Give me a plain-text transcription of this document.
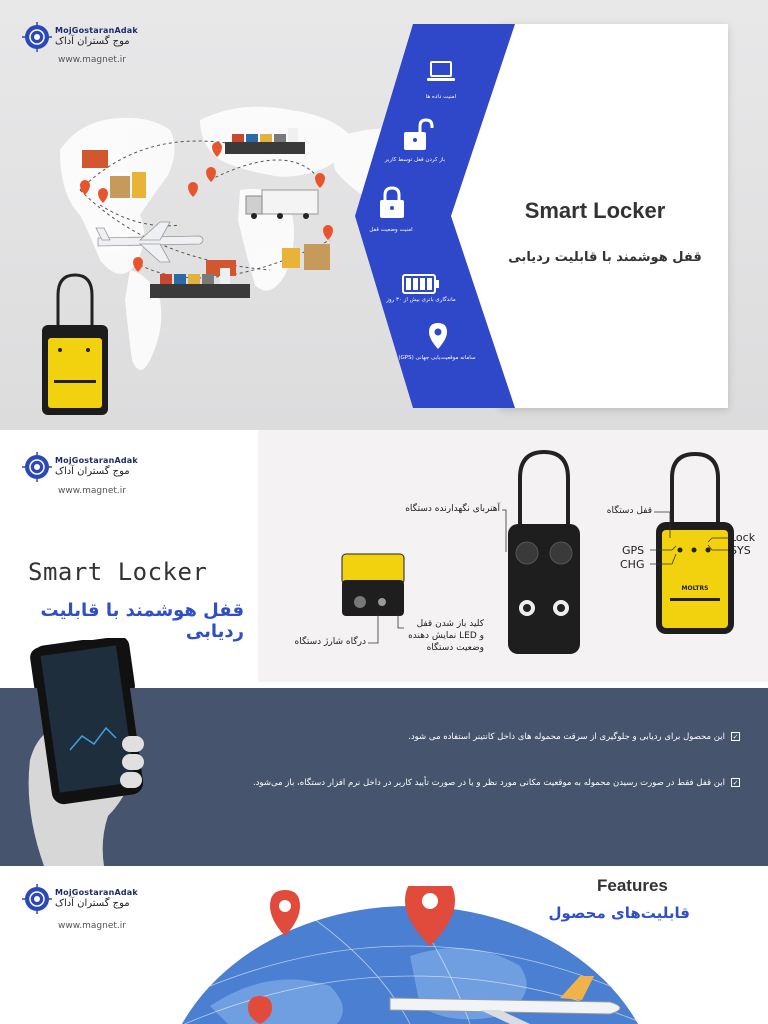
MojGostaranAdak
موج گستران آداک
www.magnet.ir
امنیت داده ها
باز کردن قفل توسط کاربر
امنیت وضعیت قفل
ماندگاری باتری بیش از ۳۰ روز
سامانه موقعیت‌یابی جهانی (GPS)
Smart Locker
قفل هوشمند با قابلیت ردیابی
MojGostaranAdak
موج گستران آداک
www.magnet.ir
Smart Locker
قفل هوشمند با قابلیت ردیابی
MOLTRS
آهنربای نگهدارنده دستگاه	قفل دستگاه
Lock
SYS
GPS
CHG
درگاه شارژ دستگاه
کلید باز شدن قفل
و LED نمایش دهنده
وضعیت دستگاه
✓این محصول برای ردیابی و جلوگیری از سرقت محموله های داخل کانتینر استفاده می شود.
✓این قفل فقط در صورت رسیدن محموله به موقعیت مکانی مورد نظر و یا در صورت تأیید کاربر در داخل نرم افزار دستگاه، باز می‌شود.
MojGostaranAdak
موج گستران آداک
www.magnet.ir
Features
قابلیت‌های محصول
